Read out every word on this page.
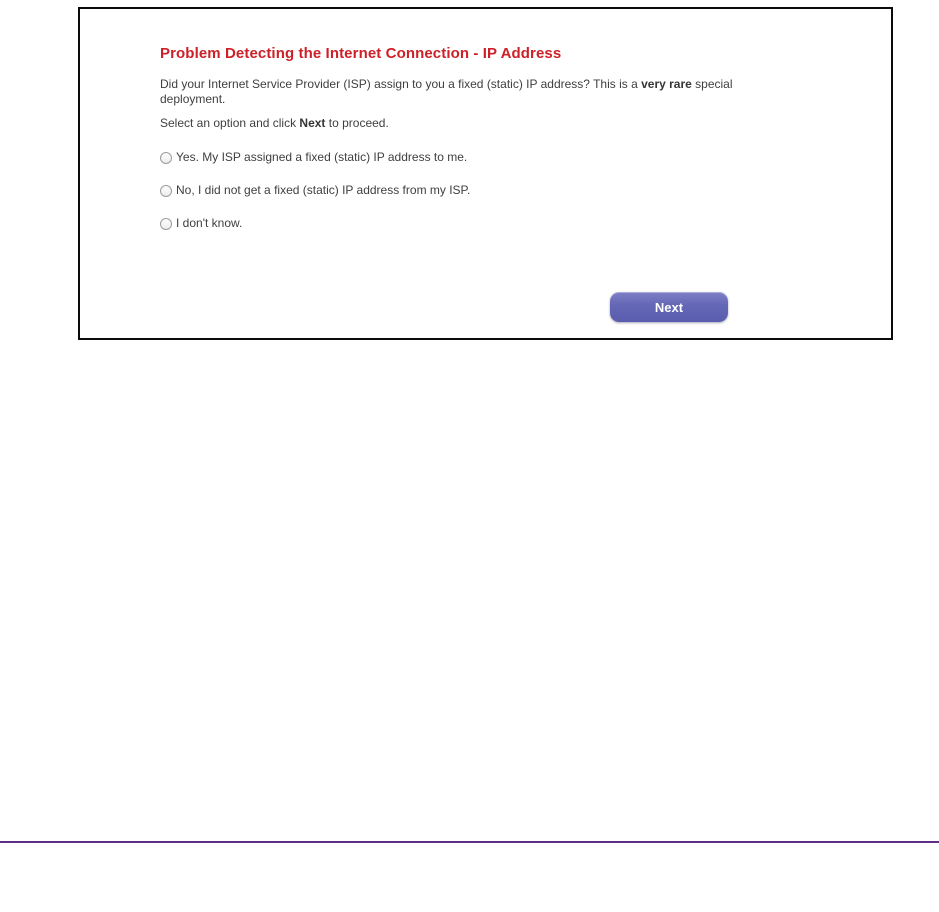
Problem Detecting the Internet Connection - IP Address
Did your Internet Service Provider (ISP) assign to you a fixed (static) IP address? This is a very rare special deployment.
Select an option and click Next to proceed.
Yes. My ISP assigned a fixed (static) IP address to me.
No, I did not get a fixed (static) IP address from my ISP.
I don't know.
Next
